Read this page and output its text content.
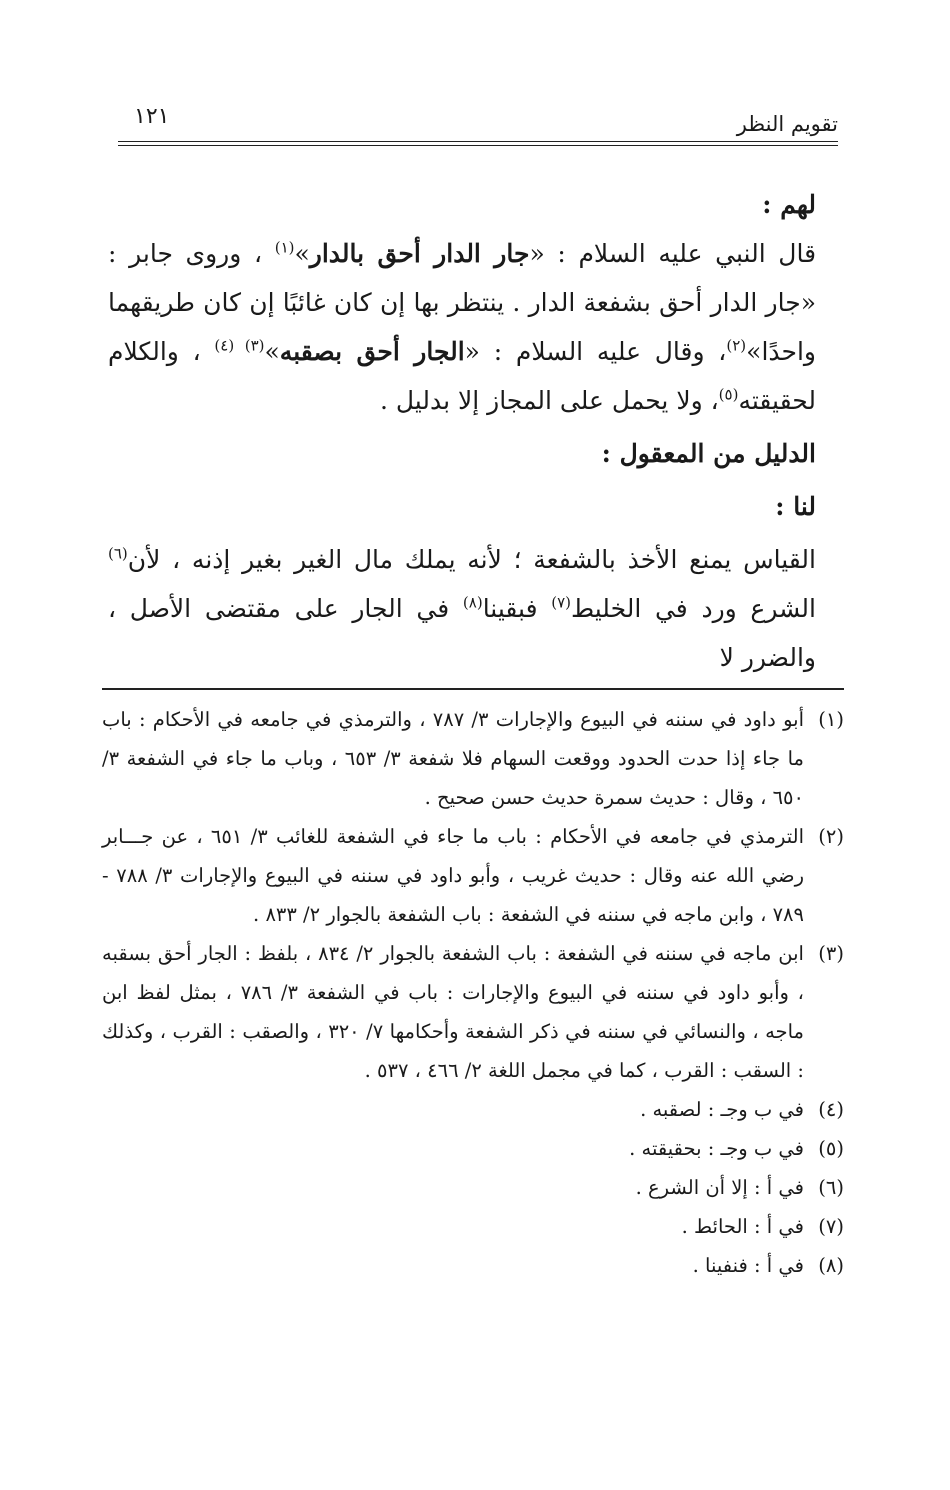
١٢١	تقويم النظر

لهم :

قال النبي عليه السلام : «جار الدار أحق بالدار»$^{(١)}$ ، وروى جابر : «جار الدار أحق بشفعة الدار . ينتظر بها إن كان غائبًا إن كان طريقهما واحدًا»$^{(٢)}$، وقال عليه السلام : «الجار أحق بصقبه»$^{(٣) (٤)}$ ، والكلام لحقيقته$^{(٥)}$، ولا يحمل على المجاز إلا بدليل .

الدليل من المعقول :

لنا :

القياس يمنع الأخذ بالشفعة ؛ لأنه يملك مال الغير بغير إذنه ، لأن$^{(٦)}$ الشرع ورد في الخليط$^{(٧)}$ فبقينا$^{(٨)}$ في الجار على مقتضى الأصل ، والضرر لا

(١)
أبو داود في سننه في البيوع والإجارات ٣/ ٧٨٧ ، والترمذي في جامعه في الأحكام : باب ما جاء إذا حدت الحدود ووقعت السهام فلا شفعة ٣/ ٦٥٣ ، وباب ما جاء في الشفعة ٣/ ٦٥٠ ، وقال : حديث سمرة حديث حسن صحيح .
(٢)
الترمذي في جامعه في الأحكام : باب ما جاء في الشفعة للغائب ٣/ ٦٥١ ، عن جـــابر رضي الله عنه وقال : حديث غريب ، وأبو داود في سننه في البيوع والإجارات ٣/ ٧٨٨ - ٧٨٩ ، وابن ماجه في سننه في الشفعة : باب الشفعة بالجوار ٢/ ٨٣٣ .
(٣)
ابن ماجه في سننه في الشفعة : باب الشفعة بالجوار ٢/ ٨٣٤ ، بلفظ : الجار أحق بسقبه ، وأبو داود في سننه في البيوع والإجارات : باب في الشفعة ٣/ ٧٨٦ ، بمثل لفظ ابن ماجه ، والنسائي في سننه في ذكر الشفعة وأحكامها ٧/ ٣٢٠ ، والصقب : القرب ، وكذلك : السقب : القرب ، كما في مجمل اللغة ٢/ ٤٦٦ ، ٥٣٧ .
(٤)
في ب وجـ : لصقبه .
(٥)
في ب وجـ : بحقيقته .
(٦)
في أ : إلا أن الشرع .
(٧)
في أ : الحائط .
(٨)
في أ : فنفينا .
